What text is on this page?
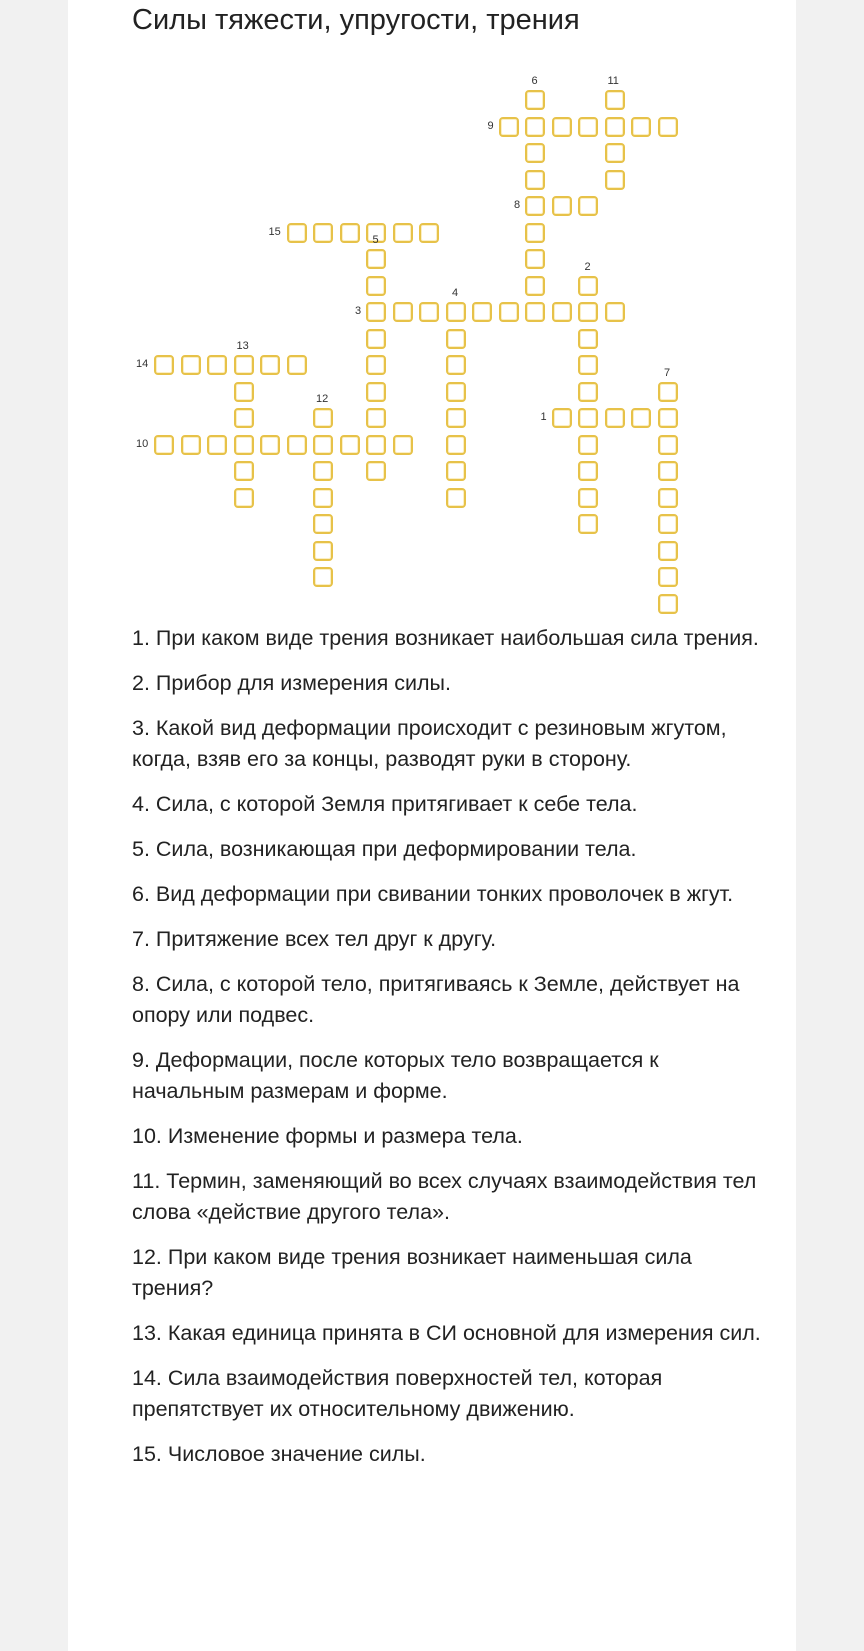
Силы тяжести, упругости, трения
1
2
3
4
5
6
7
8
9
10
11
12
13
14
15
1. При каком виде трения возникает наибольшая сила трения.
2. Прибор для измерения силы.
3. Какой вид деформации происходит с резиновым жгутом, когда, взяв его за концы, разводят руки в сторону.
4. Сила, с которой Земля притягивает к себе тела.
5. Сила, возникающая при деформировании тела.
6. Вид деформации при свивании тонких проволочек в жгут.
7. Притяжение всех тел друг к другу.
8. Сила, с которой тело, притягиваясь к Земле, действует на опору или подвес.
9. Деформации, после которых тело возвращается к начальным размерам и форме.
10. Изменение формы и размера тела.
11. Термин, заменяющий во всех случаях взаимодействия тел слова «действие другого тела».
12. При каком виде трения возникает наименьшая сила трения?
13. Какая единица принята в СИ основной для измерения сил.
14. Сила взаимодействия поверхностей тел, которая препятствует их относительному движению.
15. Числовое значение силы.
